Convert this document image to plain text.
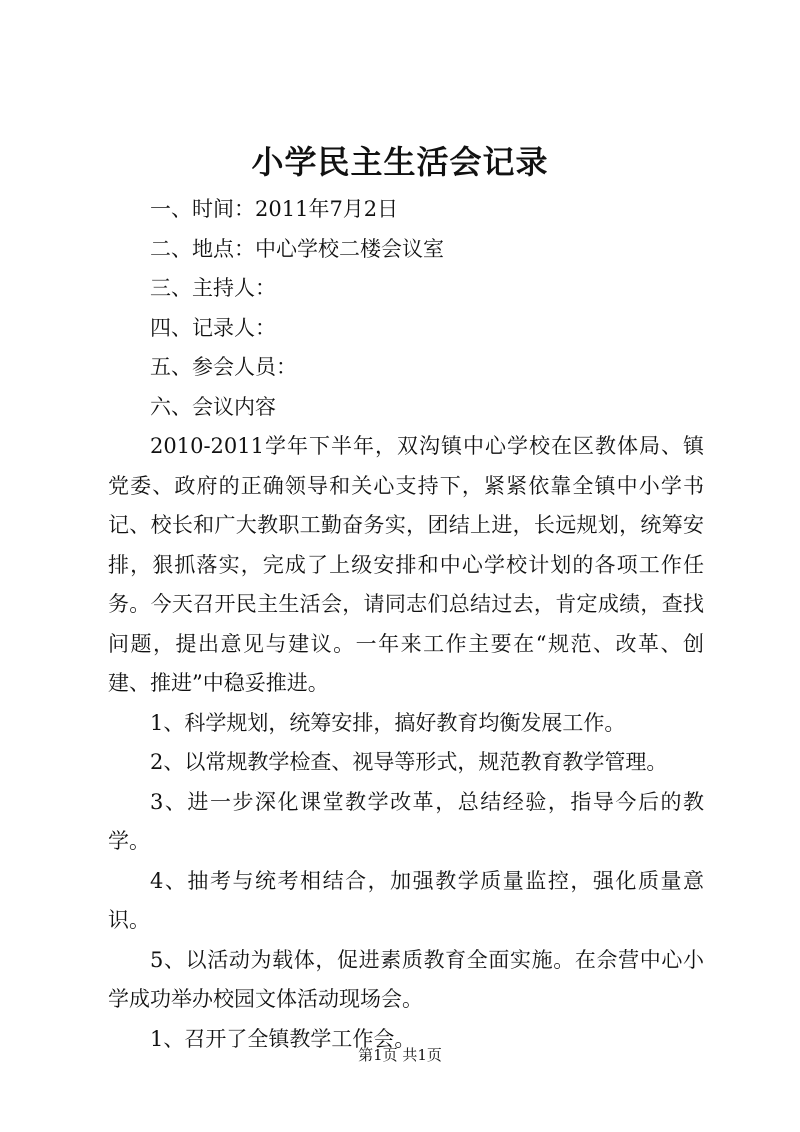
小学民主生活会记录

一、时间：2011年7月2日

二、地点：中心学校二楼会议室

三、主持人：

四、记录人：

五、参会人员：

六、会议内容

2010-2011学年下半年，双沟镇中心学校在区教体局、镇党委、政府的正确领导和关心支持下，紧紧依靠全镇中小学书记、校长和广大教职工勤奋务实，团结上进，长远规划，统筹安排，狠抓落实，完成了上级安排和中心学校计划的各项工作任务。今天召开民主生活会，请同志们总结过去，肯定成绩，查找问题，提出意见与建议。一年来工作主要在“规范、改革、创建、推进”中稳妥推进。

1、科学规划，统筹安排，搞好教育均衡发展工作。

2、以常规教学检查、视导等形式，规范教育教学管理。

3、进一步深化课堂教学改革，总结经验，指导今后的教学。

4、抽考与统考相结合，加强教学质量监控，强化质量意识。

5、以活动为载体，促进素质教育全面实施。在佘营中心小学成功举办校园文体活动现场会。

1、召开了全镇教学工作会。

第1页 共1页
